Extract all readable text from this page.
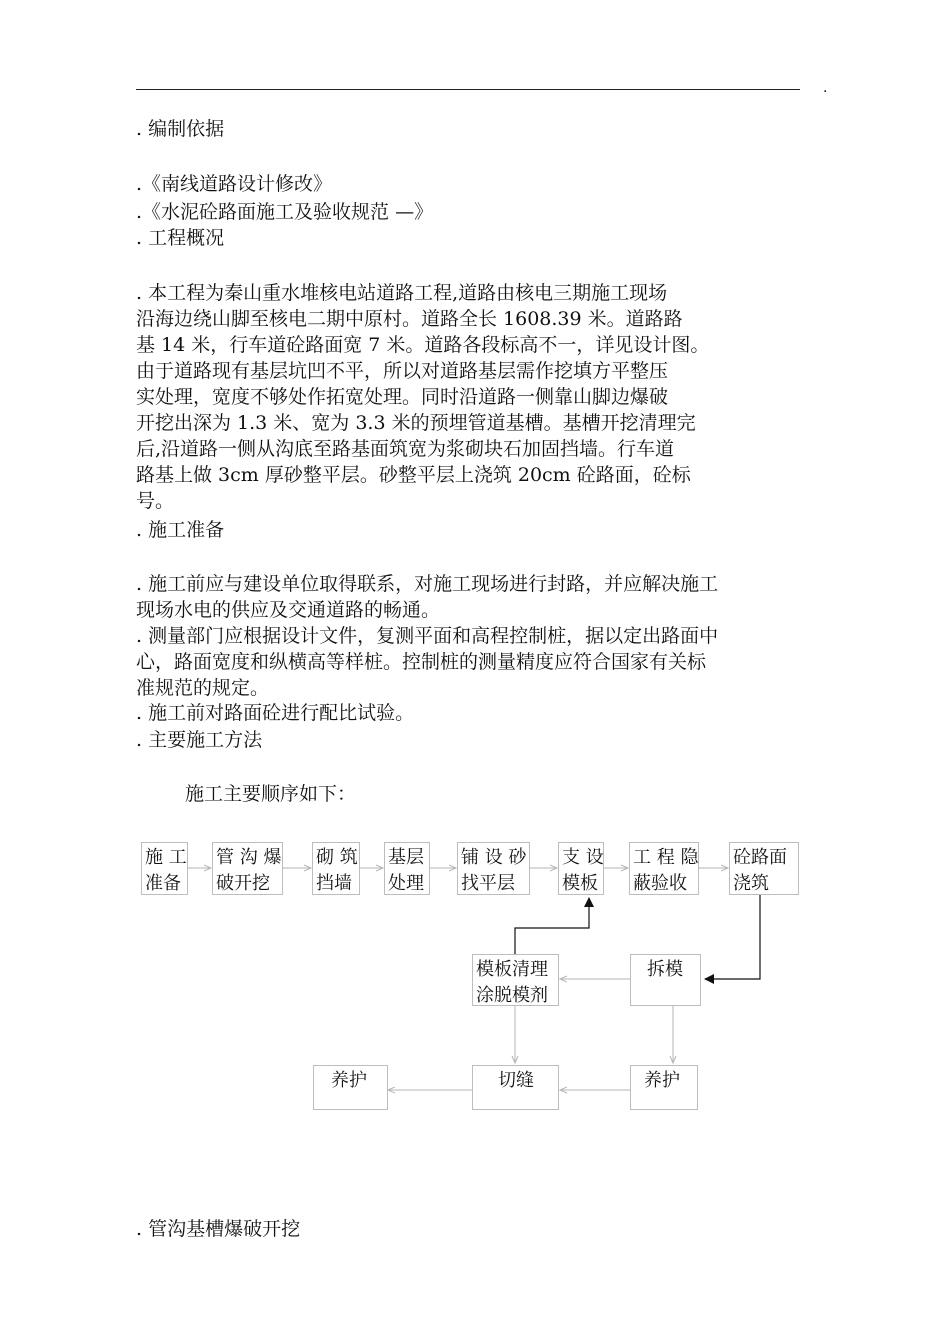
.
. 编制依据
.《南线道路设计修改》
.《水泥砼路面施工及验收规范 —》
. 工程概况
. 本工程为秦山重水堆核电站道路工程,道路由核电三期施工现场
沿海边绕山脚至核电二期中原村。道路全长 1608.39 米。道路路
基 14 米，行车道砼路面宽 7 米。道路各段标高不一，详见设计图。
由于道路现有基层坑凹不平，所以对道路基层需作挖填方平整压
实处理，宽度不够处作拓宽处理。同时沿道路一侧靠山脚边爆破
开挖出深为 1.3 米、宽为 3.3 米的预埋管道基槽。基槽开挖清理完
后,沿道路一侧从沟底至路基面筑宽为浆砌块石加固挡墙。行车道
路基上做 3cm 厚砂整平层。砂整平层上浇筑 20cm 砼路面，砼标
号。
. 施工准备
. 施工前应与建设单位取得联系，对施工现场进行封路，并应解决施工
现场水电的供应及交通道路的畅通。
. 测量部门应根据设计文件，复测平面和高程控制桩，据以定出路面中
心，路面宽度和纵横高等样桩。控制桩的测量精度应符合国家有关标
准规范的规定。
. 施工前对路面砼进行配比试验。
. 主要施工方法
施工主要顺序如下：
施 工
准备
管 沟 爆
破开挖
砌 筑
挡墙
基层
处理
铺 设 砂
找平层
支 设
模板
工 程 隐
蔽验收
砼路面
浇筑
模板清理
涂脱模剂
拆模
养护
切缝
养护
. 管沟基槽爆破开挖
